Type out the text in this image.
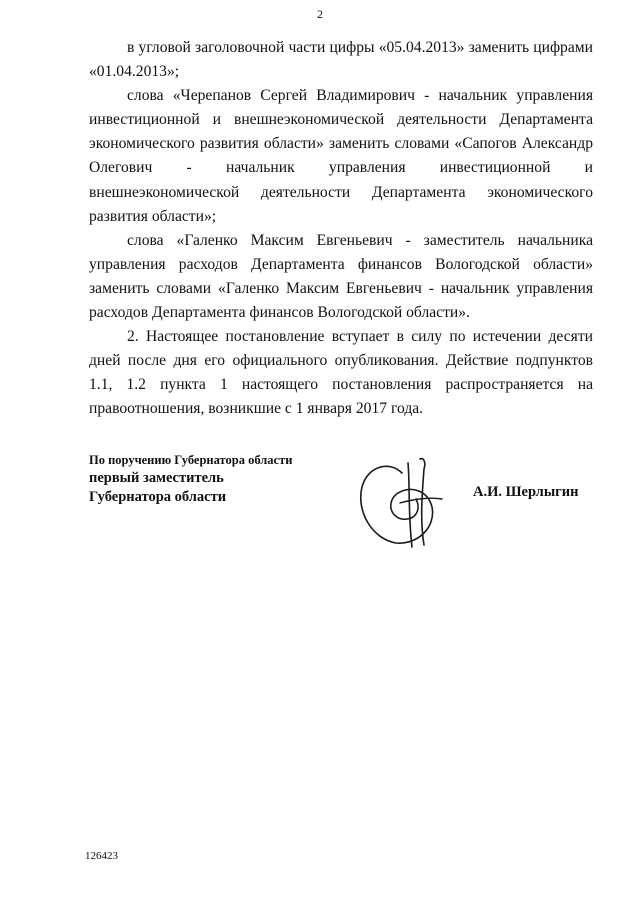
2

в угловой заголовочной части цифры «05.04.2013» заменить цифрами «01.04.2013»;

слова «Черепанов Сергей Владимирович - начальник управления инвестиционной и внешнеэкономической деятельности Департамента экономического развития области» заменить словами «Сапогов Александр Олегович - начальник управления инвестиционной и внешнеэкономической деятельности Департамента экономического развития области»;

слова «Галенко Максим Евгеньевич - заместитель начальника управления расходов Департамента финансов Вологодской области» заменить словами «Галенко Максим Евгеньевич - начальник управления расходов Департамента финансов Вологодской области».

2. Настоящее постановление вступает в силу по истечении десяти дней после дня его официального опубликования. Действие подпунктов 1.1, 1.2 пункта 1 настоящего постановления распространяется на правоотношения, возникшие с 1 января 2017 года.

По поручению Губернатора области
первый заместитель
Губернатора области	А.И. Шерлыгин
126423
